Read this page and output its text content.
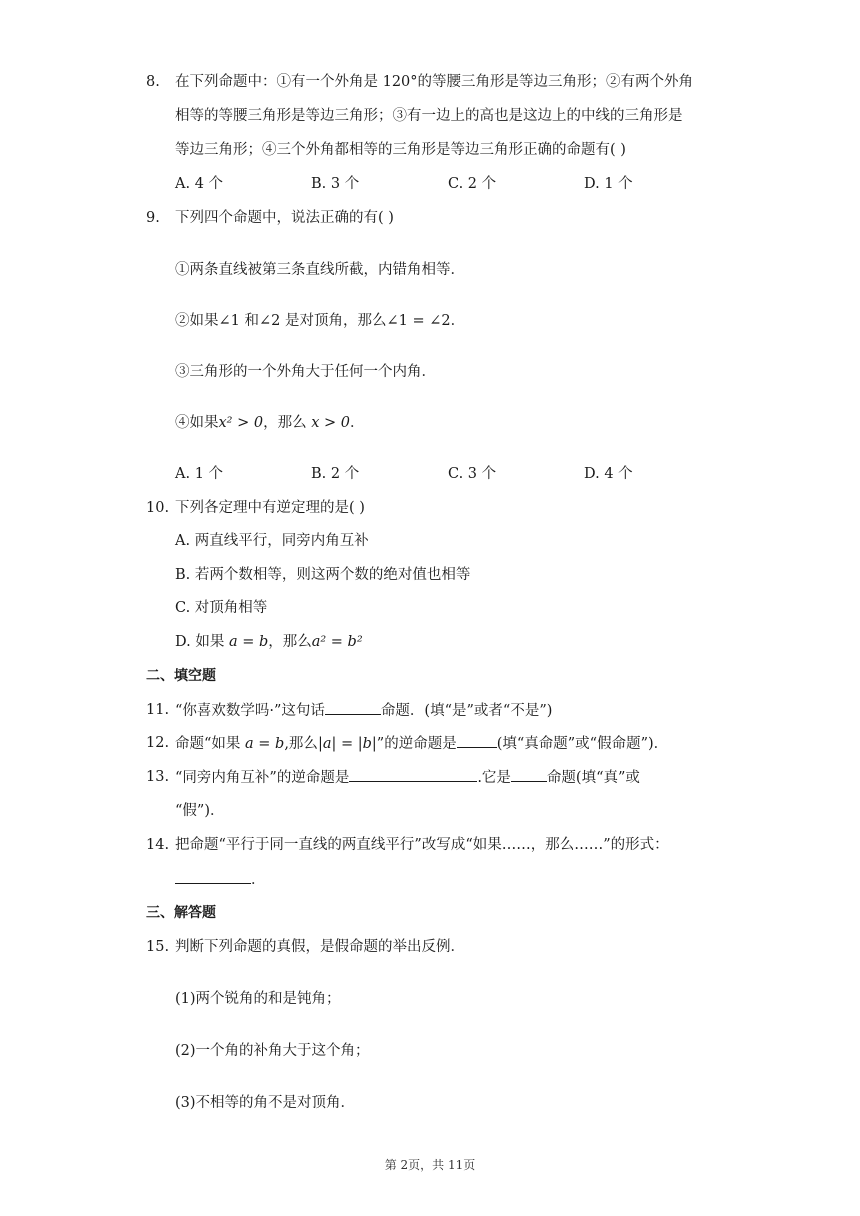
8. 在下列命题中：①有一个外角是 120°的等腰三角形是等边三角形；②有两个外角
相等的等腰三角形是等边三角形；③有一边上的高也是这边上的中线的三角形是
等边三角形；④三个外角都相等的三角形是等边三角形正确的命题有( )
A. 4 个	B. 3 个	C. 2 个	D. 1 个
9. 下列四个命题中，说法正确的有( )
①两条直线被第三条直线所截，内错角相等．
②如果∠1 和∠2 是对顶角，那么∠1 = ∠2．
③三角形的一个外角大于任何一个内角．
④如果x² > 0，那么 x > 0．
A. 1 个	B. 2 个	C. 3 个	D. 4 个
10. 下列各定理中有逆定理的是( )
A. 两直线平行，同旁内角互补
B. 若两个数相等，则这两个数的绝对值也相等
C. 对顶角相等
D. 如果 a = b，那么a² = b²
二、填空题
11. “你喜欢数学吗·”这句话	命题．(填“是”或者“不是”)
12. 命题“如果 a = b,那么|a| = |b|”的逆命题是	(填“真命题”或“假命题”)．
13. “同旁内角互补”的逆命题是	.它是 命题(填“真”或
“假”)．
14. 把命题“平行于同一直线的两直线平行”改写成“如果……，那么……”的形式：
．
三、解答题
15. 判断下列命题的真假，是假命题的举出反例．
(1)两个锐角的和是钝角；
(2)一个角的补角大于这个角；
(3)不相等的角不是对顶角．
第 2页，共 11页
